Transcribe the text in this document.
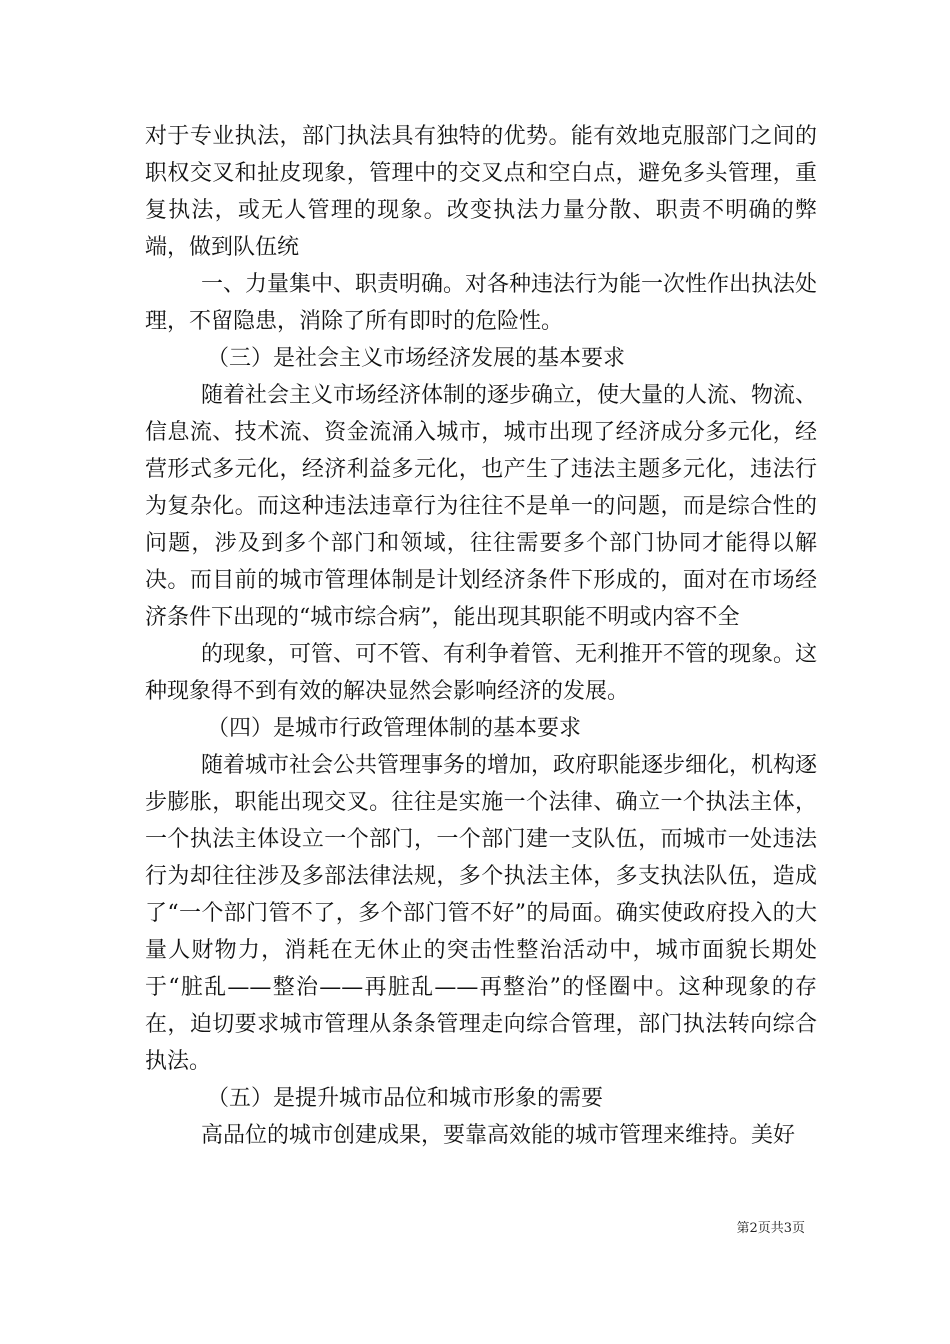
对于专业执法，部门执法具有独特的优势。能有效地克服部门之间的职权交叉和扯皮现象，管理中的交叉点和空白点，避免多头管理，重复执法，或无人管理的现象。改变执法力量分散、职责不明确的弊端，做到队伍统

一、力量集中、职责明确。对各种违法行为能一次性作出执法处理，不留隐患，消除了所有即时的危险性。

（三）是社会主义市场经济发展的基本要求

随着社会主义市场经济体制的逐步确立，使大量的人流、物流、信息流、技术流、资金流涌入城市，城市出现了经济成分多元化，经营形式多元化，经济利益多元化，也产生了违法主题多元化，违法行为复杂化。而这种违法违章行为往往不是单一的问题，而是综合性的问题，涉及到多个部门和领域，往往需要多个部门协同才能得以解决。而目前的城市管理体制是计划经济条件下形成的，面对在市场经济条件下出现的“城市综合病”，能出现其职能不明或内容不全

的现象，可管、可不管、有利争着管、无利推开不管的现象。这种现象得不到有效的解决显然会影响经济的发展。

（四）是城市行政管理体制的基本要求

随着城市社会公共管理事务的增加，政府职能逐步细化，机构逐步膨胀，职能出现交叉。往往是实施一个法律、确立一个执法主体，一个执法主体设立一个部门，一个部门建一支队伍，而城市一处违法行为却往往涉及多部法律法规，多个执法主体，多支执法队伍，造成了“一个部门管不了，多个部门管不好”的局面。确实使政府投入的大量人财物力，消耗在无休止的突击性整治活动中，城市面貌长期处于“脏乱——整治——再脏乱——再整治”的怪圈中。这种现象的存在，迫切要求城市管理从条条管理走向综合管理，部门执法转向综合执法。

（五）是提升城市品位和城市形象的需要

高品位的城市创建成果，要靠高效能的城市管理来维持。美好

第2页共3页
